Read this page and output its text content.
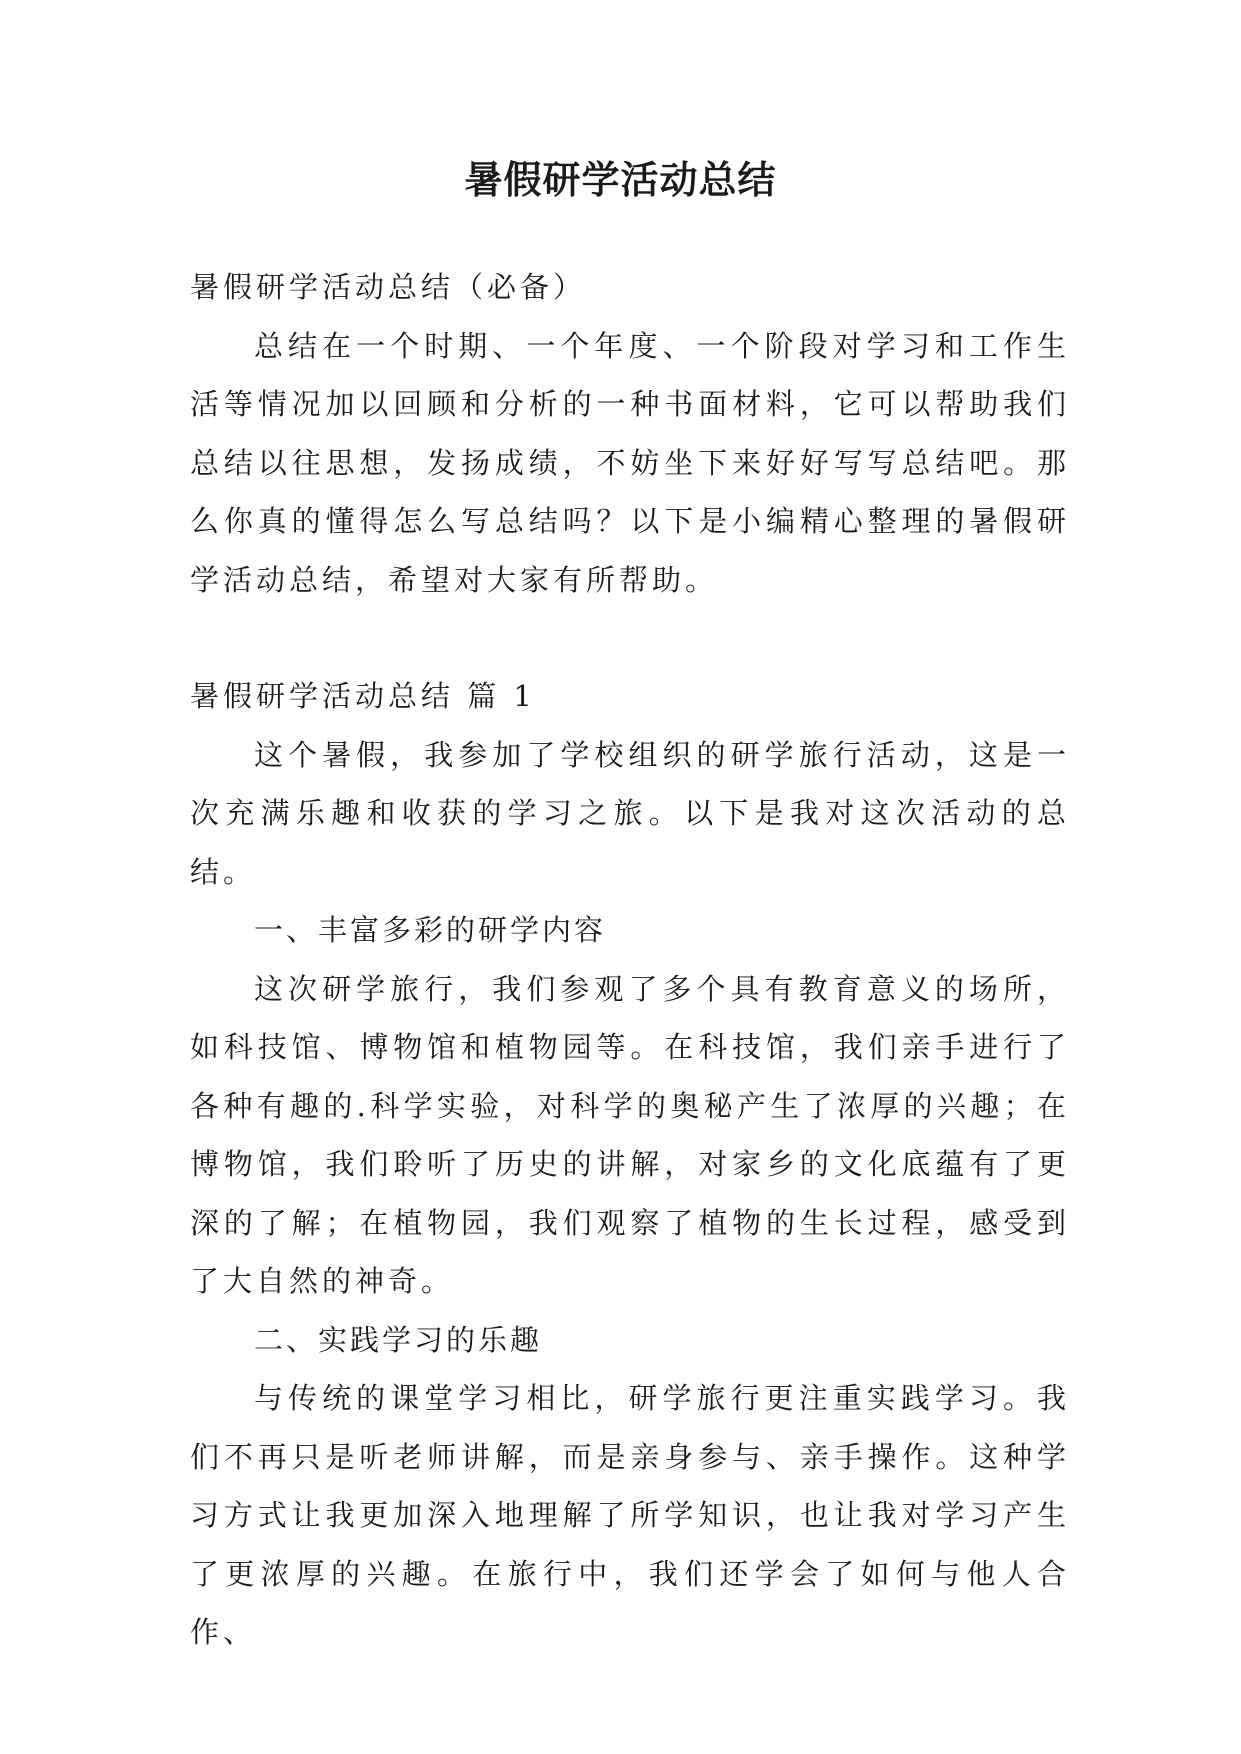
暑假研学活动总结

暑假研学活动总结（必备）

总结在一个时期、一个年度、一个阶段对学习和工作生活等情况加以回顾和分析的一种书面材料，它可以帮助我们总结以往思想，发扬成绩，不妨坐下来好好写写总结吧。那么你真的懂得怎么写总结吗？以下是小编精心整理的暑假研学活动总结，希望对大家有所帮助。

暑假研学活动总结 篇 1

这个暑假，我参加了学校组织的研学旅行活动，这是一次充满乐趣和收获的学习之旅。以下是我对这次活动的总结。

一、丰富多彩的研学内容

这次研学旅行，我们参观了多个具有教育意义的场所，如科技馆、博物馆和植物园等。在科技馆，我们亲手进行了各种有趣的.科学实验，对科学的奥秘产生了浓厚的兴趣；在博物馆，我们聆听了历史的讲解，对家乡的文化底蕴有了更深的了解；在植物园，我们观察了植物的生长过程，感受到了大自然的神奇。

二、实践学习的乐趣

与传统的课堂学习相比，研学旅行更注重实践学习。我们不再只是听老师讲解，而是亲身参与、亲手操作。这种学习方式让我更加深入地理解了所学知识，也让我对学习产生了更浓厚的兴趣。在旅行中，我们还学会了如何与他人合作、
